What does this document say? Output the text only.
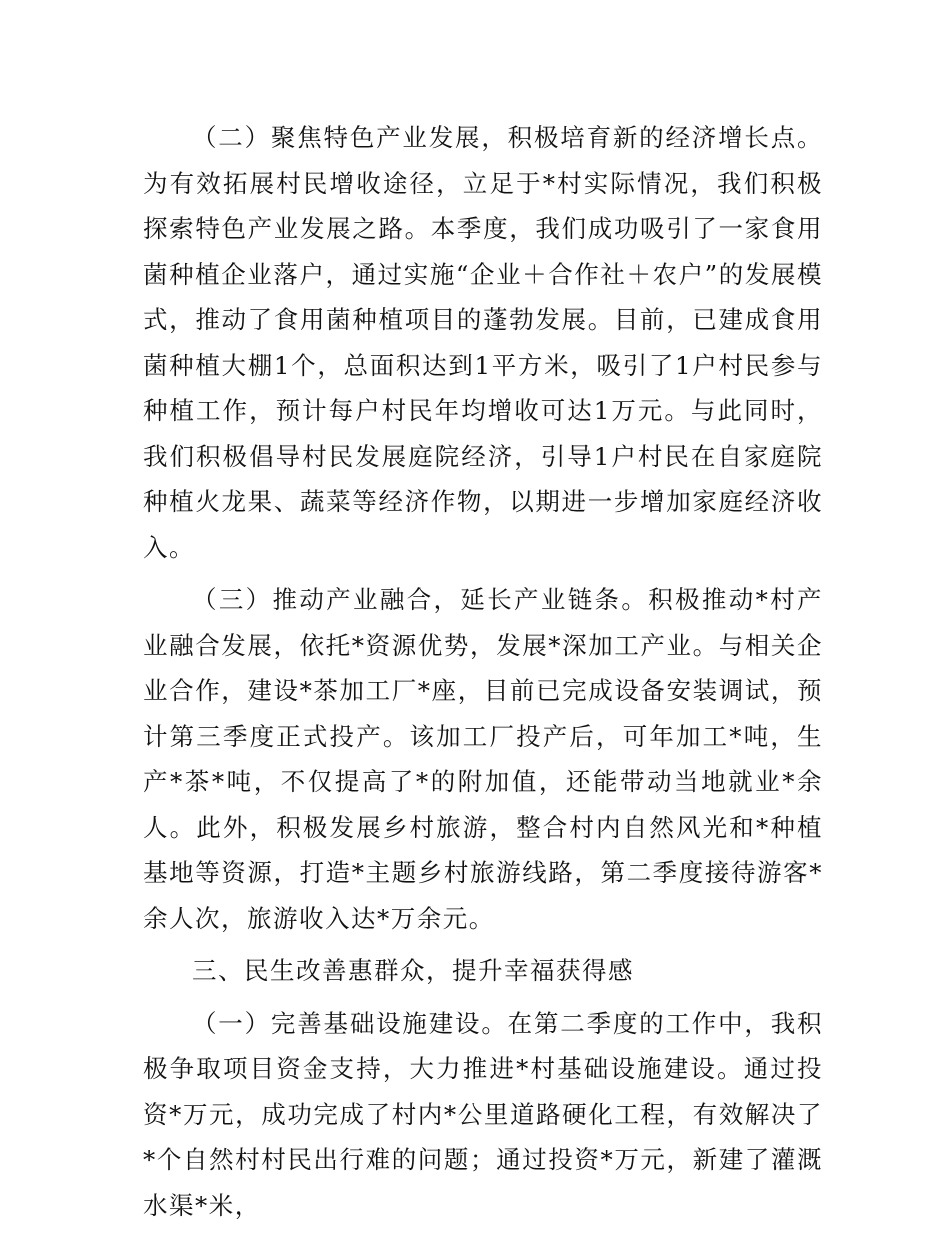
（二）聚焦特色产业发展，积极培育新的经济增长点。为有效拓展村民增收途径，立足于*村实际情况，我们积极探索特色产业发展之路。本季度，我们成功吸引了一家食用菌种植企业落户，通过实施“企业＋合作社＋农户”的发展模式，推动了食用菌种植项目的蓬勃发展。目前，已建成食用菌种植大棚1个，总面积达到1平方米，吸引了1户村民参与种植工作，预计每户村民年均增收可达1万元。与此同时，我们积极倡导村民发展庭院经济，引导1户村民在自家庭院种植火龙果、蔬菜等经济作物，以期进一步增加家庭经济收入。

（三）推动产业融合，延长产业链条。积极推动*村产业融合发展，依托*资源优势，发展*深加工产业。与相关企业合作，建设*茶加工厂*座，目前已完成设备安装调试，预计第三季度正式投产。该加工厂投产后，可年加工*吨，生产*茶*吨，不仅提高了*的附加值，还能带动当地就业*余人。此外，积极发展乡村旅游，整合村内自然风光和*种植基地等资源，打造*主题乡村旅游线路，第二季度接待游客*余人次，旅游收入达*万余元。

三、民生改善惠群众，提升幸福获得感

（一）完善基础设施建设。在第二季度的工作中，我积极争取项目资金支持，大力推进*村基础设施建设。通过投资*万元，成功完成了村内*公里道路硬化工程，有效解决了*个自然村村民出行难的问题；通过投资*万元，新建了灌溉水渠*米，
